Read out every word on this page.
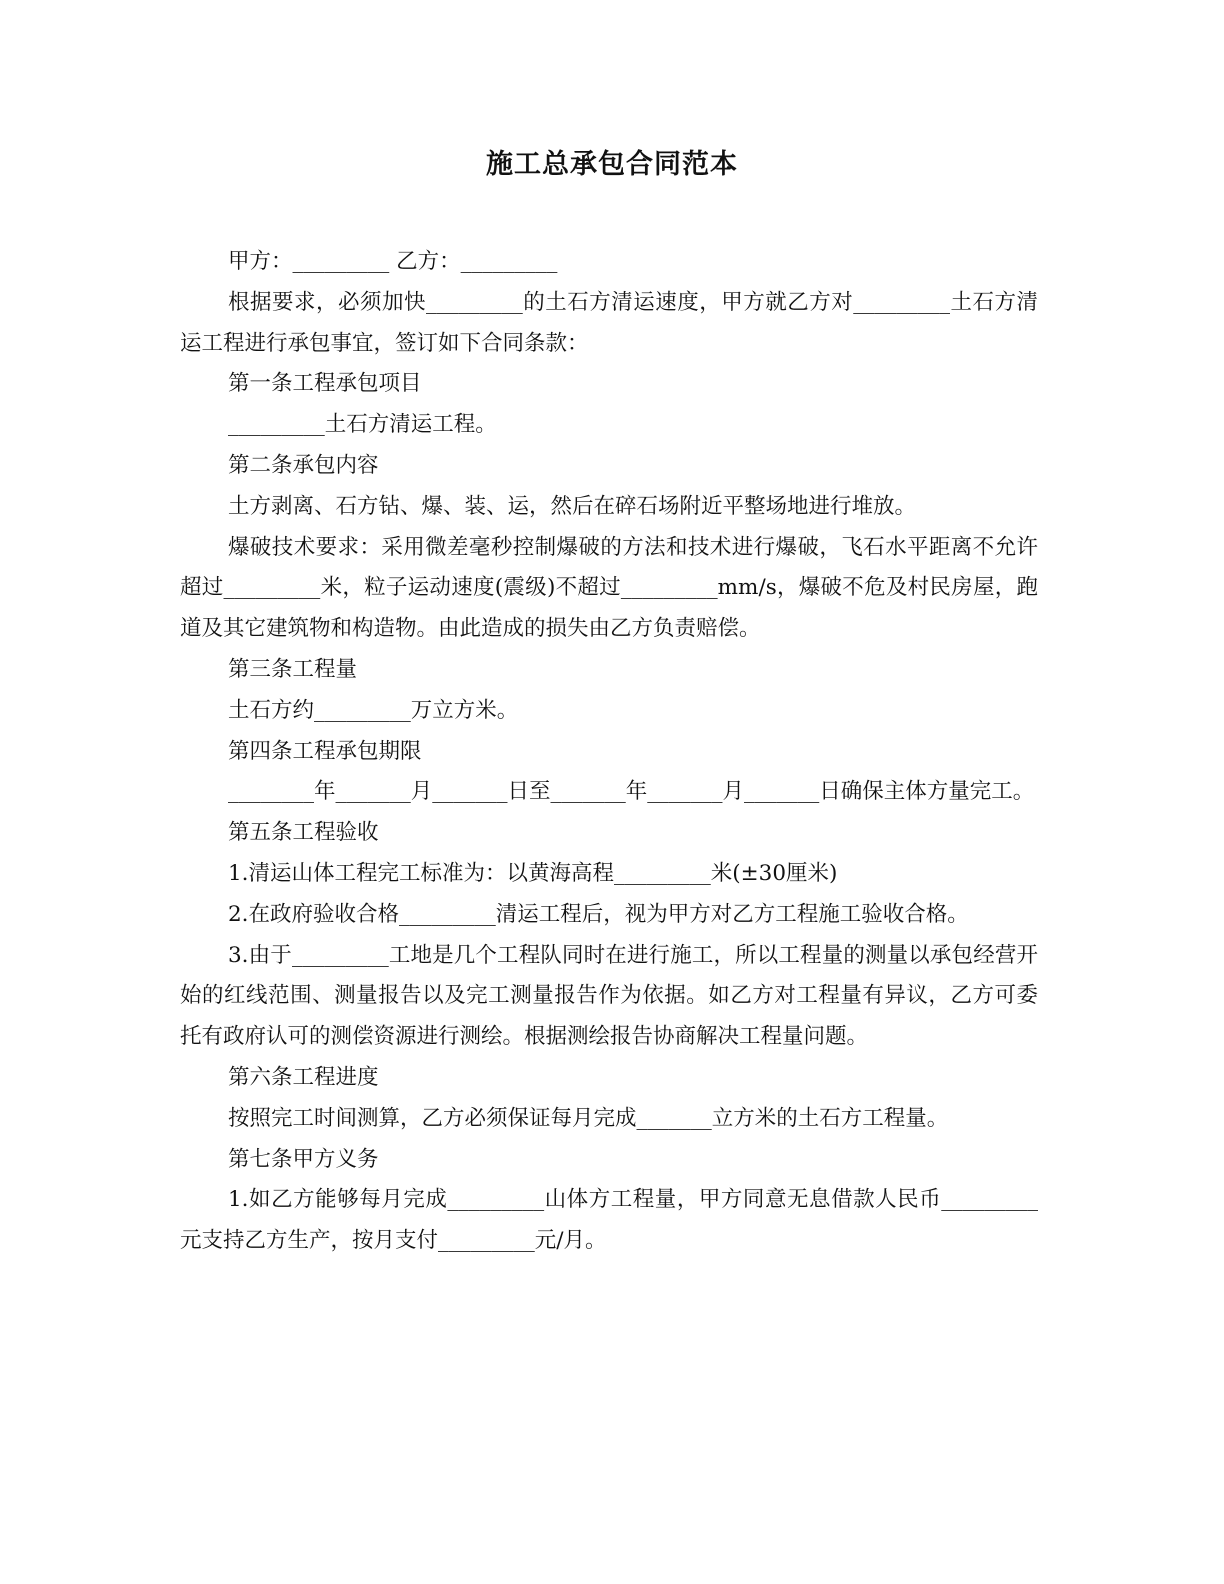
施工总承包合同范本

甲方：_________ 乙方：_________

根据要求，必须加快_________的土石方清运速度，甲方就乙方对_________土石方清运工程进行承包事宜，签订如下合同条款：

第一条工程承包项目

_________土石方清运工程。

第二条承包内容

土方剥离、石方钻、爆、装、运，然后在碎石场附近平整场地进行堆放。

爆破技术要求：采用微差毫秒控制爆破的方法和技术进行爆破，飞石水平距离不允许超过_________米，粒子运动速度(震级)不超过_________mm/s，爆破不危及村民房屋，跑道及其它建筑物和构造物。由此造成的损失由乙方负责赔偿。

第三条工程量

土石方约_________万立方米。

第四条工程承包期限

________年_______月_______日至_______年_______月_______日确保主体方量完工。

第五条工程验收

1.清运山体工程完工标准为：以黄海高程_________米(±30厘米)

2.在政府验收合格_________清运工程后，视为甲方对乙方工程施工验收合格。

3.由于_________工地是几个工程队同时在进行施工，所以工程量的测量以承包经营开始的红线范围、测量报告以及完工测量报告作为依据。如乙方对工程量有异议，乙方可委托有政府认可的测偿资源进行测绘。根据测绘报告协商解决工程量问题。

第六条工程进度

按照完工时间测算，乙方必须保证每月完成_______立方米的土石方工程量。

第七条甲方义务

1.如乙方能够每月完成_________山体方工程量，甲方同意无息借款人民币_________元支持乙方生产，按月支付_________元/月。
